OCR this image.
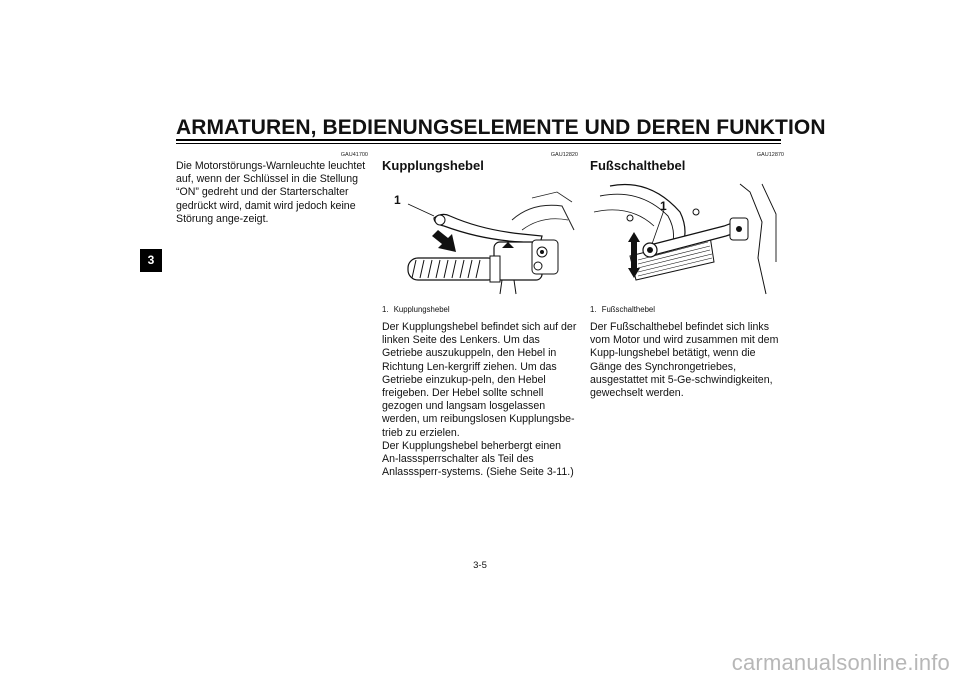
ARMATUREN, BEDIENUNGSELEMENTE UND DEREN FUNKTION
3
GAU41700
Die Motorstörungs-Warnleuchte leuchtet auf, wenn der Schlüssel in die Stellung “ON” gedreht und der Starterschalter gedrückt wird, damit wird jedoch keine Störung ange-zeigt.
GAU12820
Kupplungshebel
1
1. Kupplungshebel

Der Kupplungshebel befindet sich auf der linken Seite des Lenkers. Um das Getriebe auszukuppeln, den Hebel in Richtung Len-kergriff ziehen. Um das Getriebe einzukup-peln, den Hebel freigeben. Der Hebel sollte schnell gezogen und langsam losgelassen werden, um reibungslosen Kupplungsbe-trieb zu erzielen.

Der Kupplungshebel beherbergt einen An-lasssperrschalter als Teil des Anlasssperr-systems. (Siehe Seite 3-11.)

GAU12870
Fußschalthebel
1
1. Fußschalthebel
Der Fußschalthebel befindet sich links vom Motor und wird zusammen mit dem Kupp-lungshebel betätigt, wenn die Gänge des Synchrongetriebes, ausgestattet mit 5-Ge-schwindigkeiten, gewechselt werden.
3-5
carmanualsonline.info
